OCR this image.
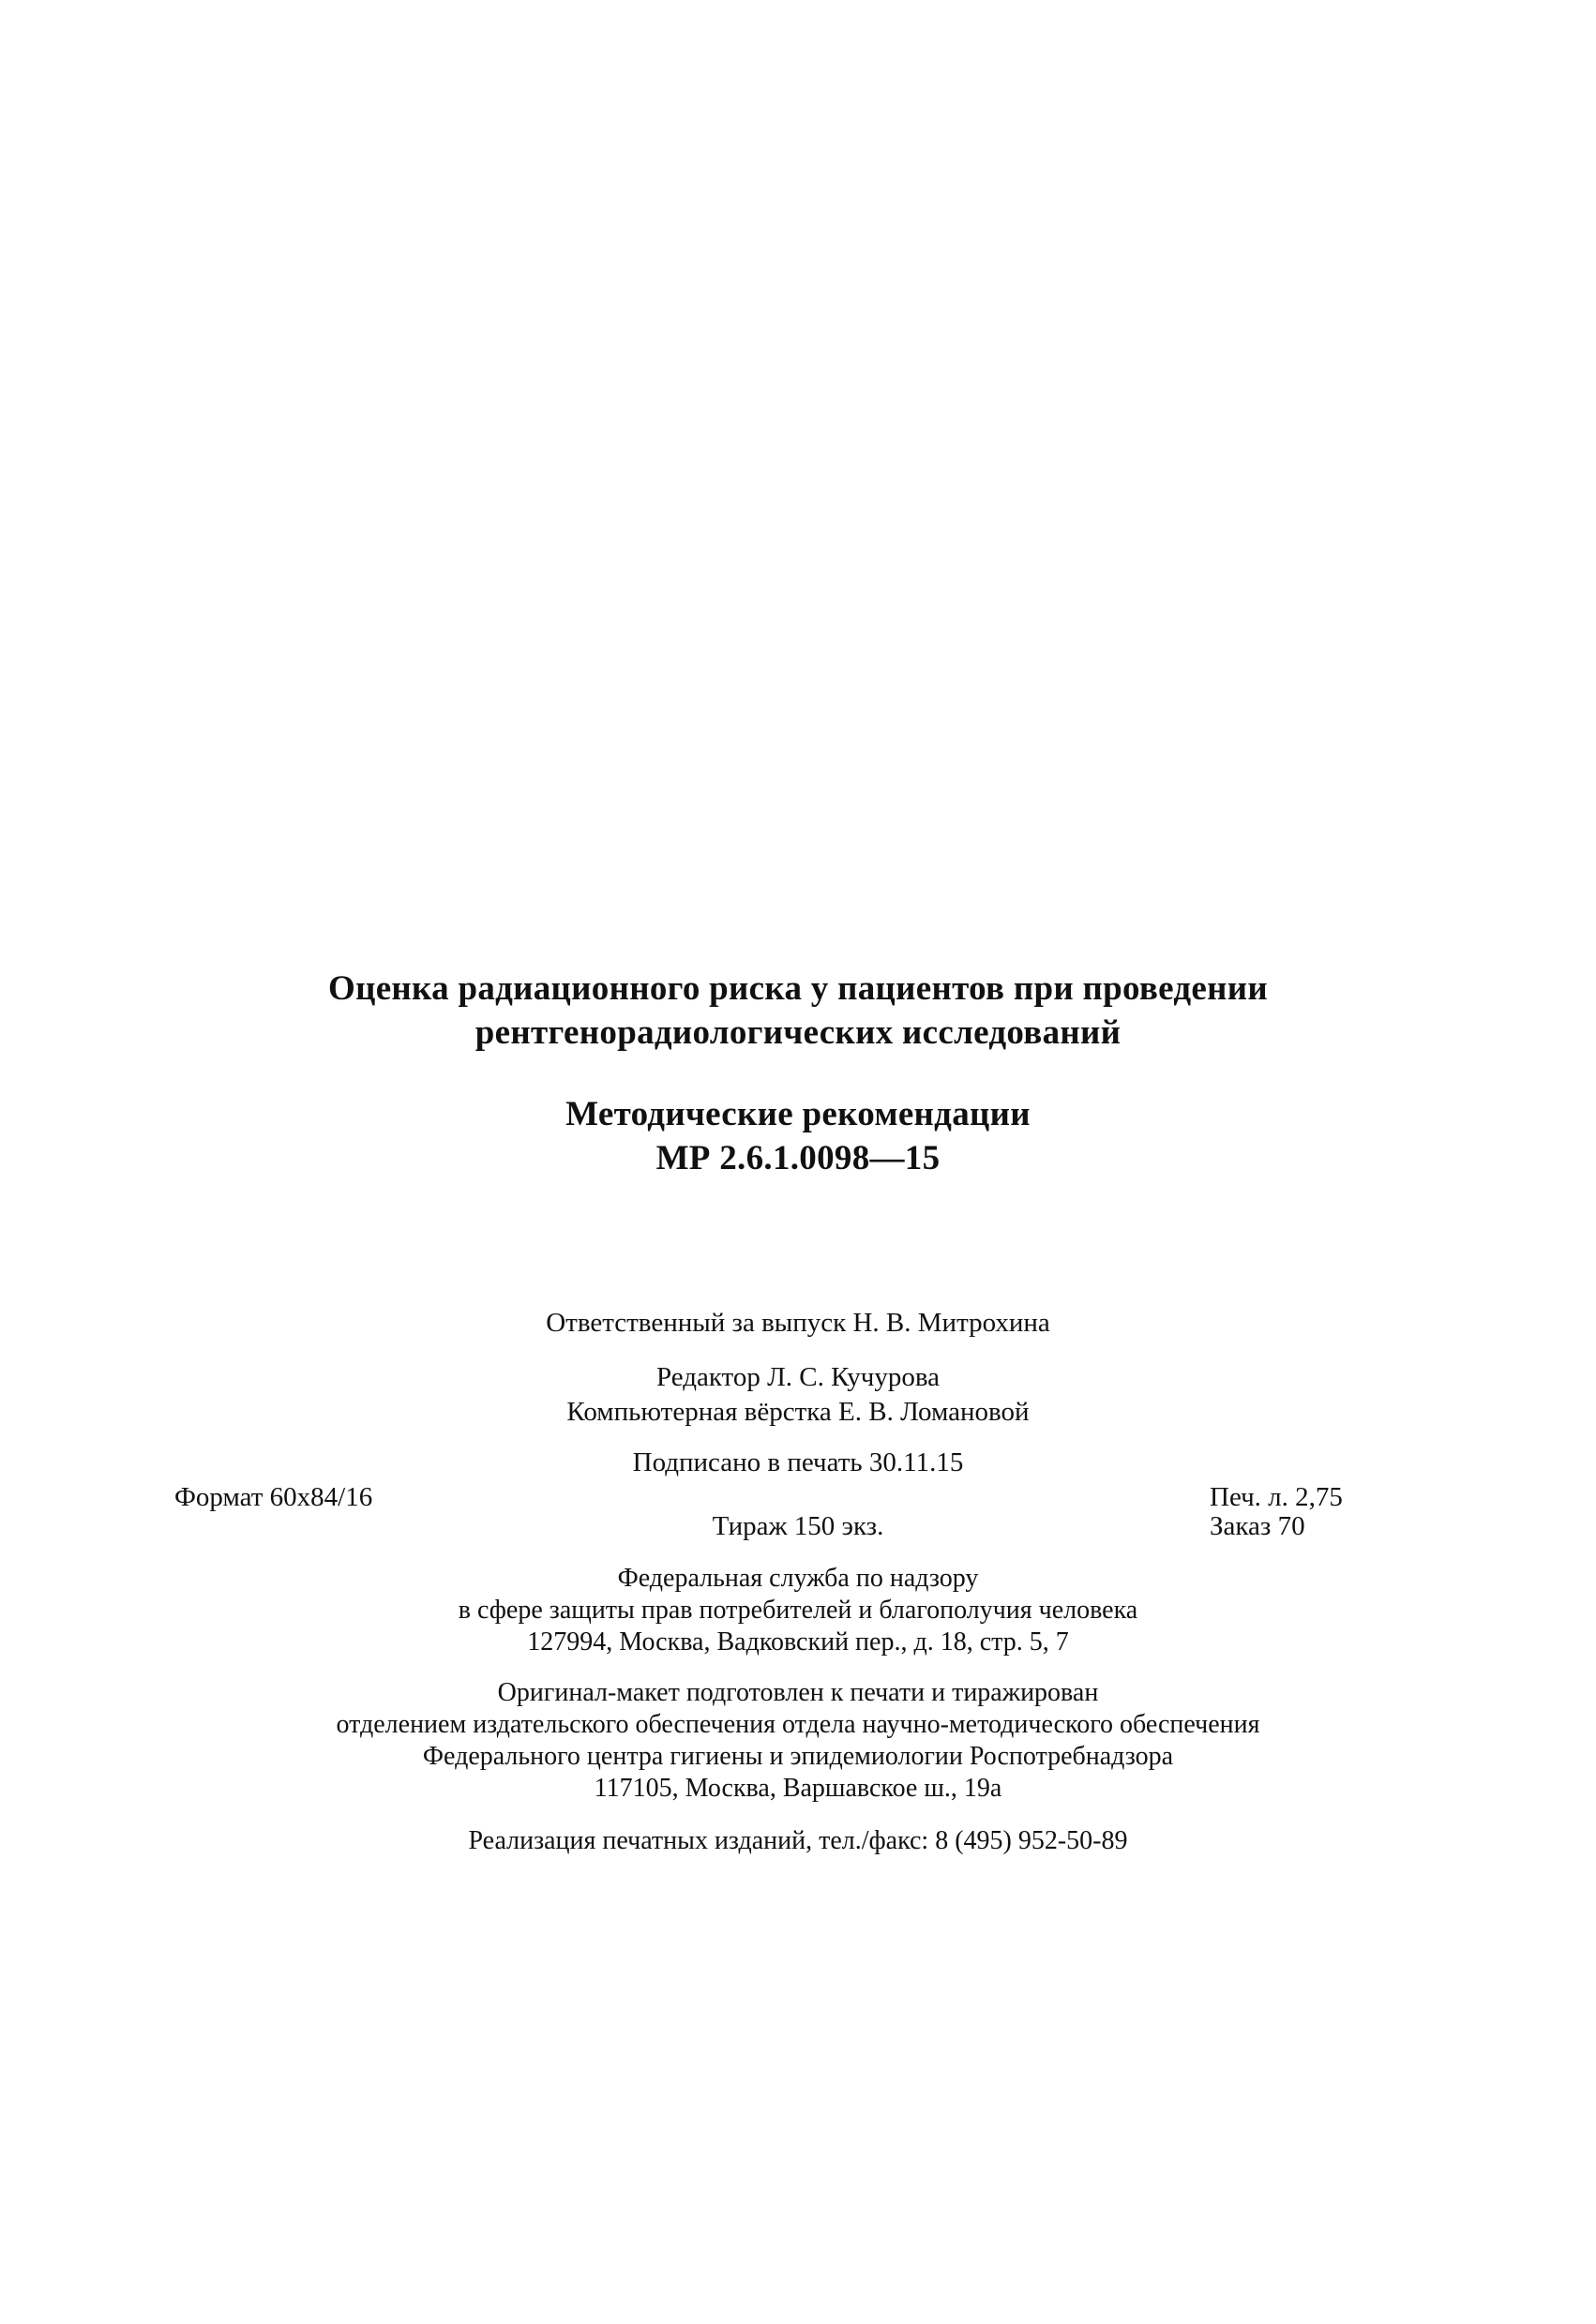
Оценка радиационного риска у пациентов при проведении
рентгенорадиологических исследований
Методические рекомендации
МР 2.6.1.0098—15
Ответственный за выпуск Н. В. Митрохина
Редактор Л. С. Кучурова
Компьютерная вёрстка Е. В. Ломановой
Подписано в печать 30.11.15
Формат 60х84/16	Печ. л. 2,75
Тираж 150 экз.	Заказ 70
Федеральная служба по надзору
в сфере защиты прав потребителей и благополучия человека
127994, Москва, Вадковский пер., д. 18, стр. 5, 7
Оригинал-макет подготовлен к печати и тиражирован
отделением издательского обеспечения отдела научно-методического обеспечения
Федерального центра гигиены и эпидемиологии Роспотребнадзора
117105, Москва, Варшавское ш., 19а
Реализация печатных изданий, тел./факс: 8 (495) 952-50-89
